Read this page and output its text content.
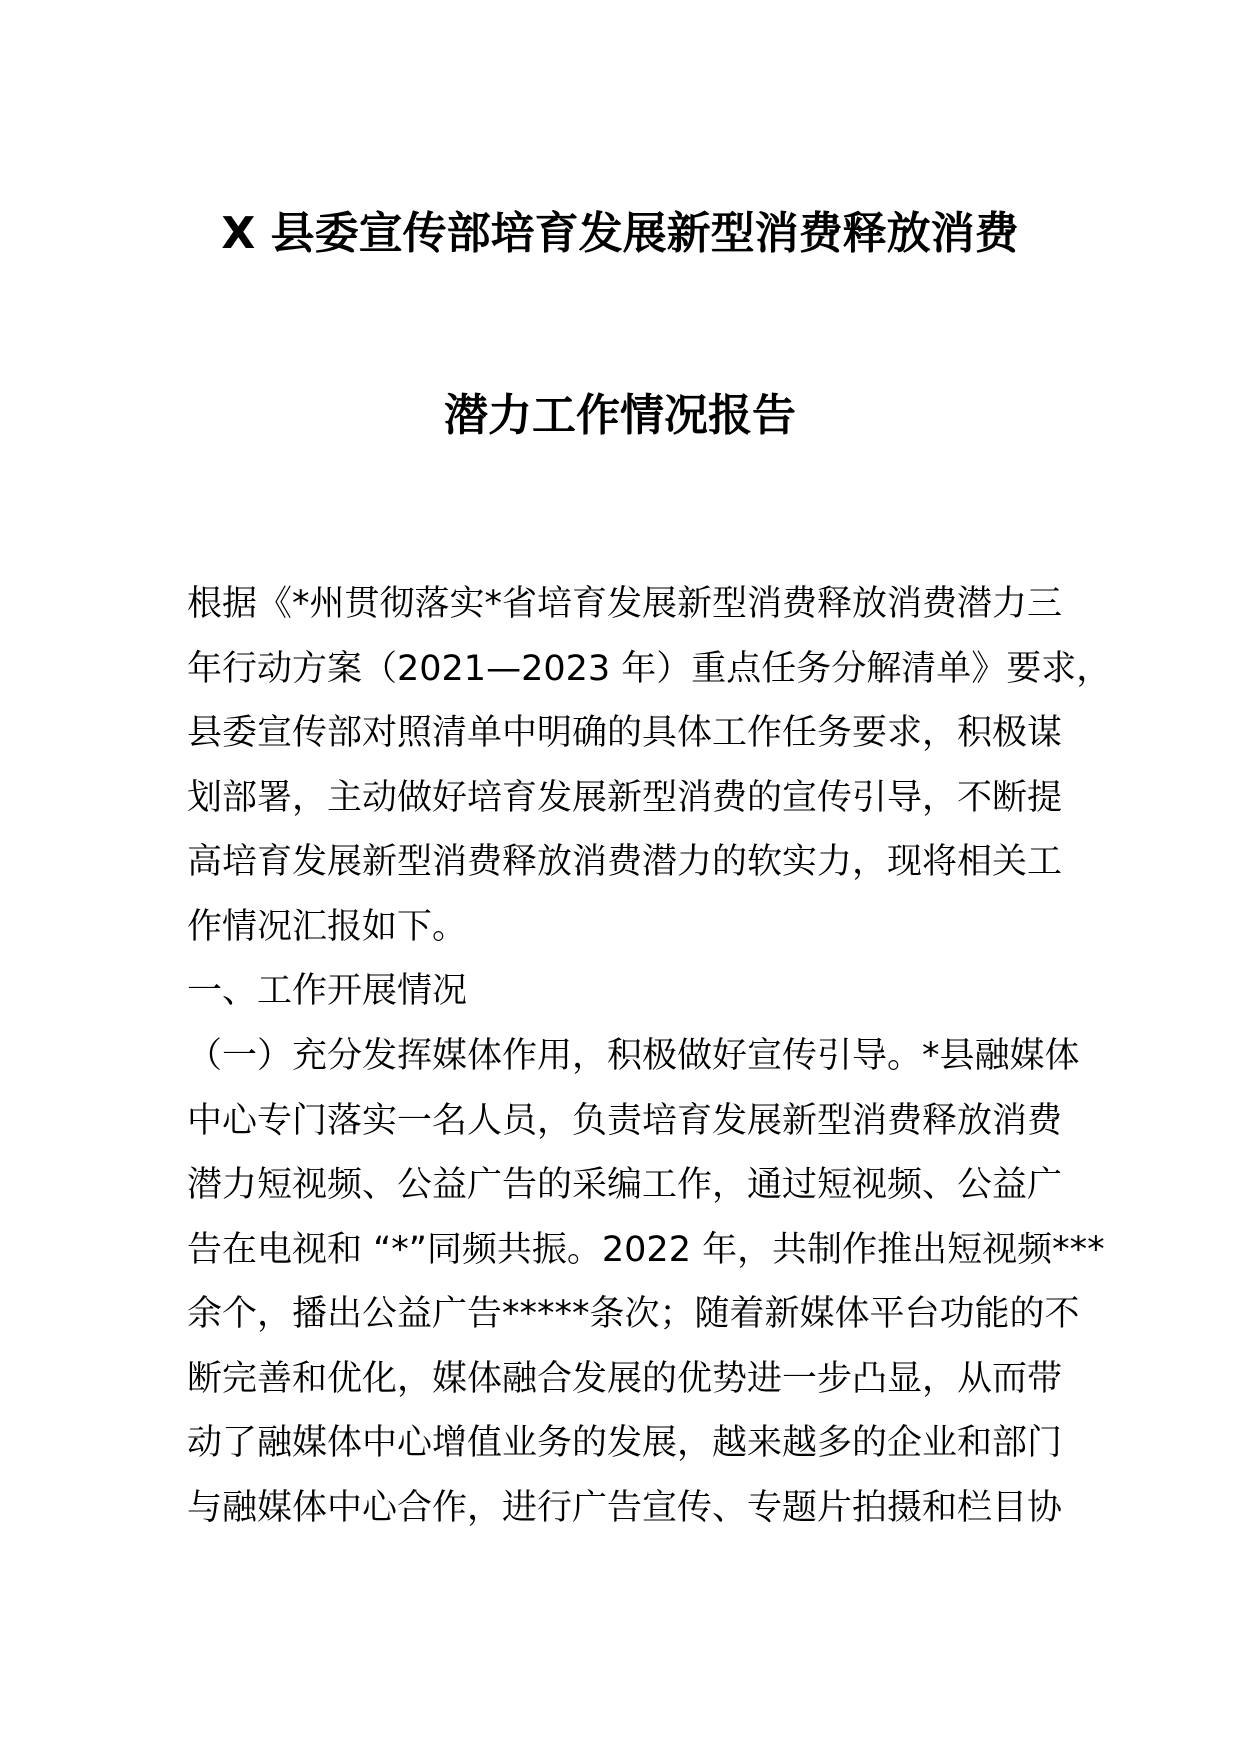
X 县委宣传部培育发展新型消费释放消费
潜力工作情况报告
根据《*州贯彻落实*省培育发展新型消费释放消费潜力三
年行动方案（2021—2023 年）重点任务分解清单》要求，
县委宣传部对照清单中明确的具体工作任务要求，积极谋
划部署，主动做好培育发展新型消费的宣传引导，不断提
高培育发展新型消费释放消费潜力的软实力，现将相关工
作情况汇报如下。
一、工作开展情况
（一）充分发挥媒体作用，积极做好宣传引导。*县融媒体
中心专门落实一名人员，负责培育发展新型消费释放消费
潜力短视频、公益广告的采编工作，通过短视频、公益广
告在电视和 “*”同频共振。2022 年，共制作推出短视频***
余个，播出公益广告*****条次；随着新媒体平台功能的不
断完善和优化，媒体融合发展的优势进一步凸显，从而带
动了融媒体中心增值业务的发展，越来越多的企业和部门
与融媒体中心合作，进行广告宣传、专题片拍摄和栏目协
